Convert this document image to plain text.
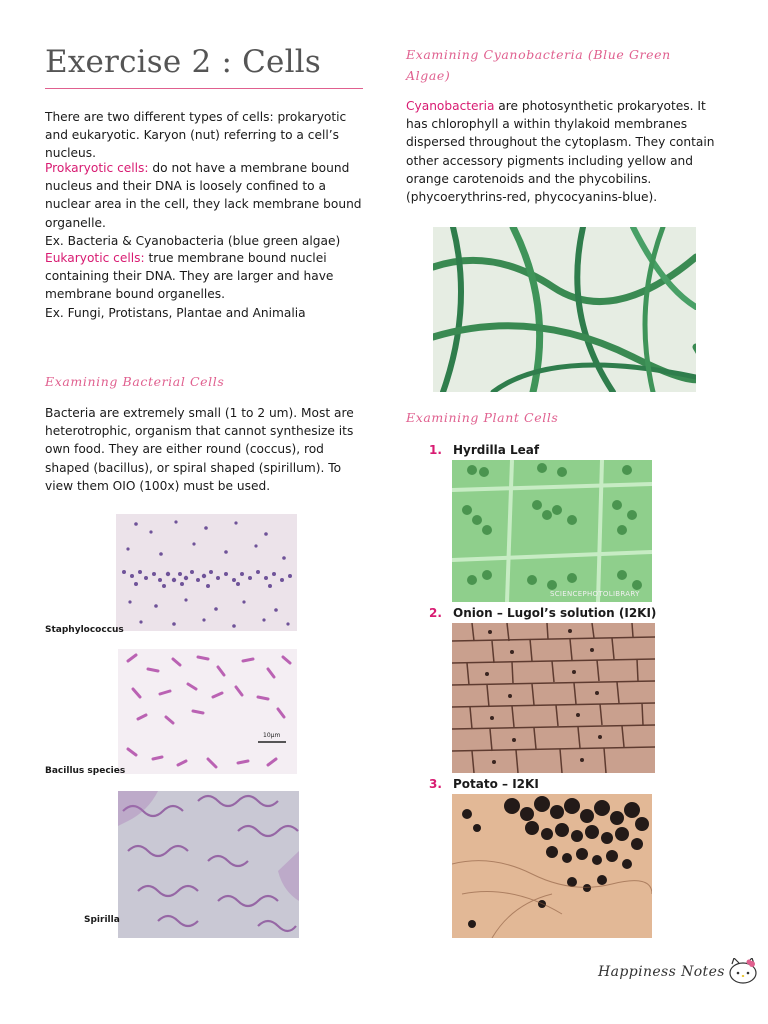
Exercise 2 : Cells
There are two different types of cells: prokaryotic and eukaryotic. Karyon (nut) referring to a cell’s nucleus.
Prokaryotic cells: do not have a membrane bound nucleus and their DNA is loosely confined to a nuclear area in the cell, they lack membrane bound organelle.
Ex. Bacteria & Cyanobacteria (blue green algae)
Eukaryotic cells: true membrane bound nuclei containing their DNA. They are larger and have membrane bound organelles.
Ex. Fungi, Protistans, Plantae and Animalia
Examining Bacterial Cells
Bacteria are extremely small (1 to 2 um). Most are heterotrophic, organism that cannot synthesize its own food. They are either round (coccus), rod shaped (bacillus), or spiral shaped (spirillum). To view them OIO (100x) must be used.
Staphylococcus
10µm
Bacillus species
Spirilla
Examining Cyanobacteria (Blue Green Algae)
Cyanobacteria are photosynthetic prokaryotes. It has chlorophyll a within thylakoid membranes dispersed throughout the cytoplasm. They contain other accessory pigments including yellow and orange carotenoids and the phycobilins. (phycoerythrins-red, phycocyanins-blue).
Examining Plant Cells
1. Hyrdilla Leaf
SCIENCEPHOTOLIBRARY
2. Onion – Lugol’s solution (I2KI)
3. Potato – I2KI
Happiness Notes
